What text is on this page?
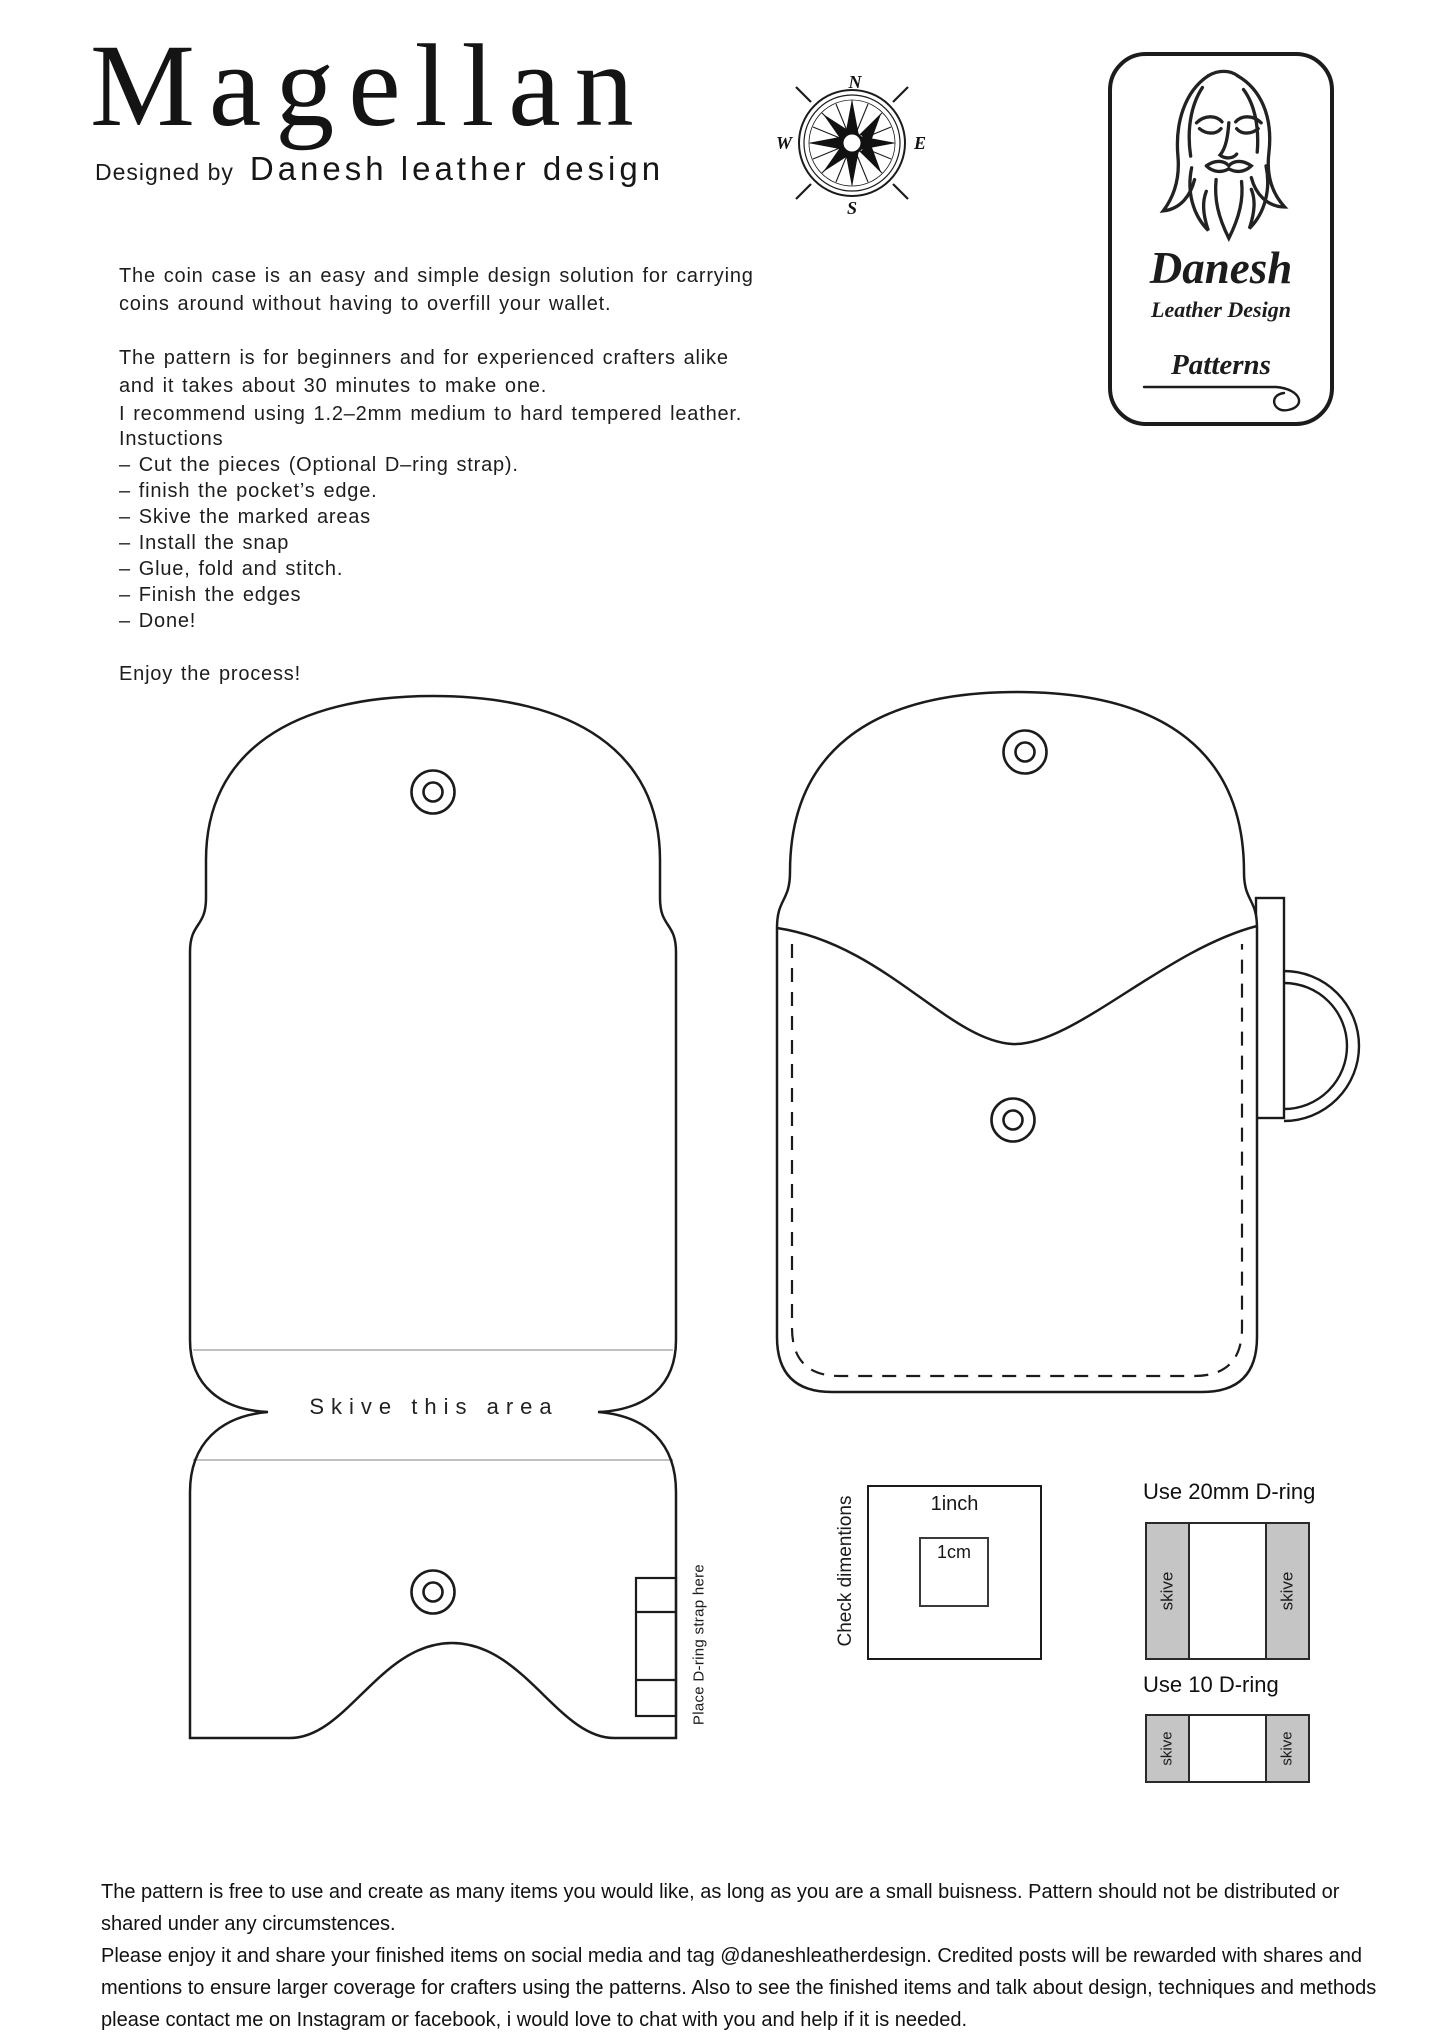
Magellan
Designed by Danesh leather design
N
E
S
W
Danesh
Leather Design
Patterns
The coin case is an easy and simple design solution for carrying
coins around without having to overfill your wallet.
The pattern is for beginners and for experienced crafters alike
and it takes about 30 minutes to make one.
I recommend using 1.2–2mm medium to hard tempered leather.
Instuctions
– Cut the pieces (Optional D–ring strap).
– finish the pocket’s edge.
– Skive the marked areas
– Install the snap
– Glue, fold and stitch.
– Finish the edges
– Done!
Enjoy the process!
Skive this area
Place D-ring strap here	Check dimentions	1inch
1cm
Use 20mm D-ring
skive	skive
Use 10 D-ring
skive	skive
The pattern is free to use and create as many items you would like, as long as you are a small buisness. Pattern should not be distributed or
shared under any circumstences.
Please enjoy it and share your finished items on social media and tag @daneshleatherdesign. Credited posts will be rewarded with shares and
mentions to ensure larger coverage for crafters using the patterns. Also to see the finished items and talk about design, techniques and methods
please contact me on Instagram or facebook, i would love to chat with you and help if it is needed.
